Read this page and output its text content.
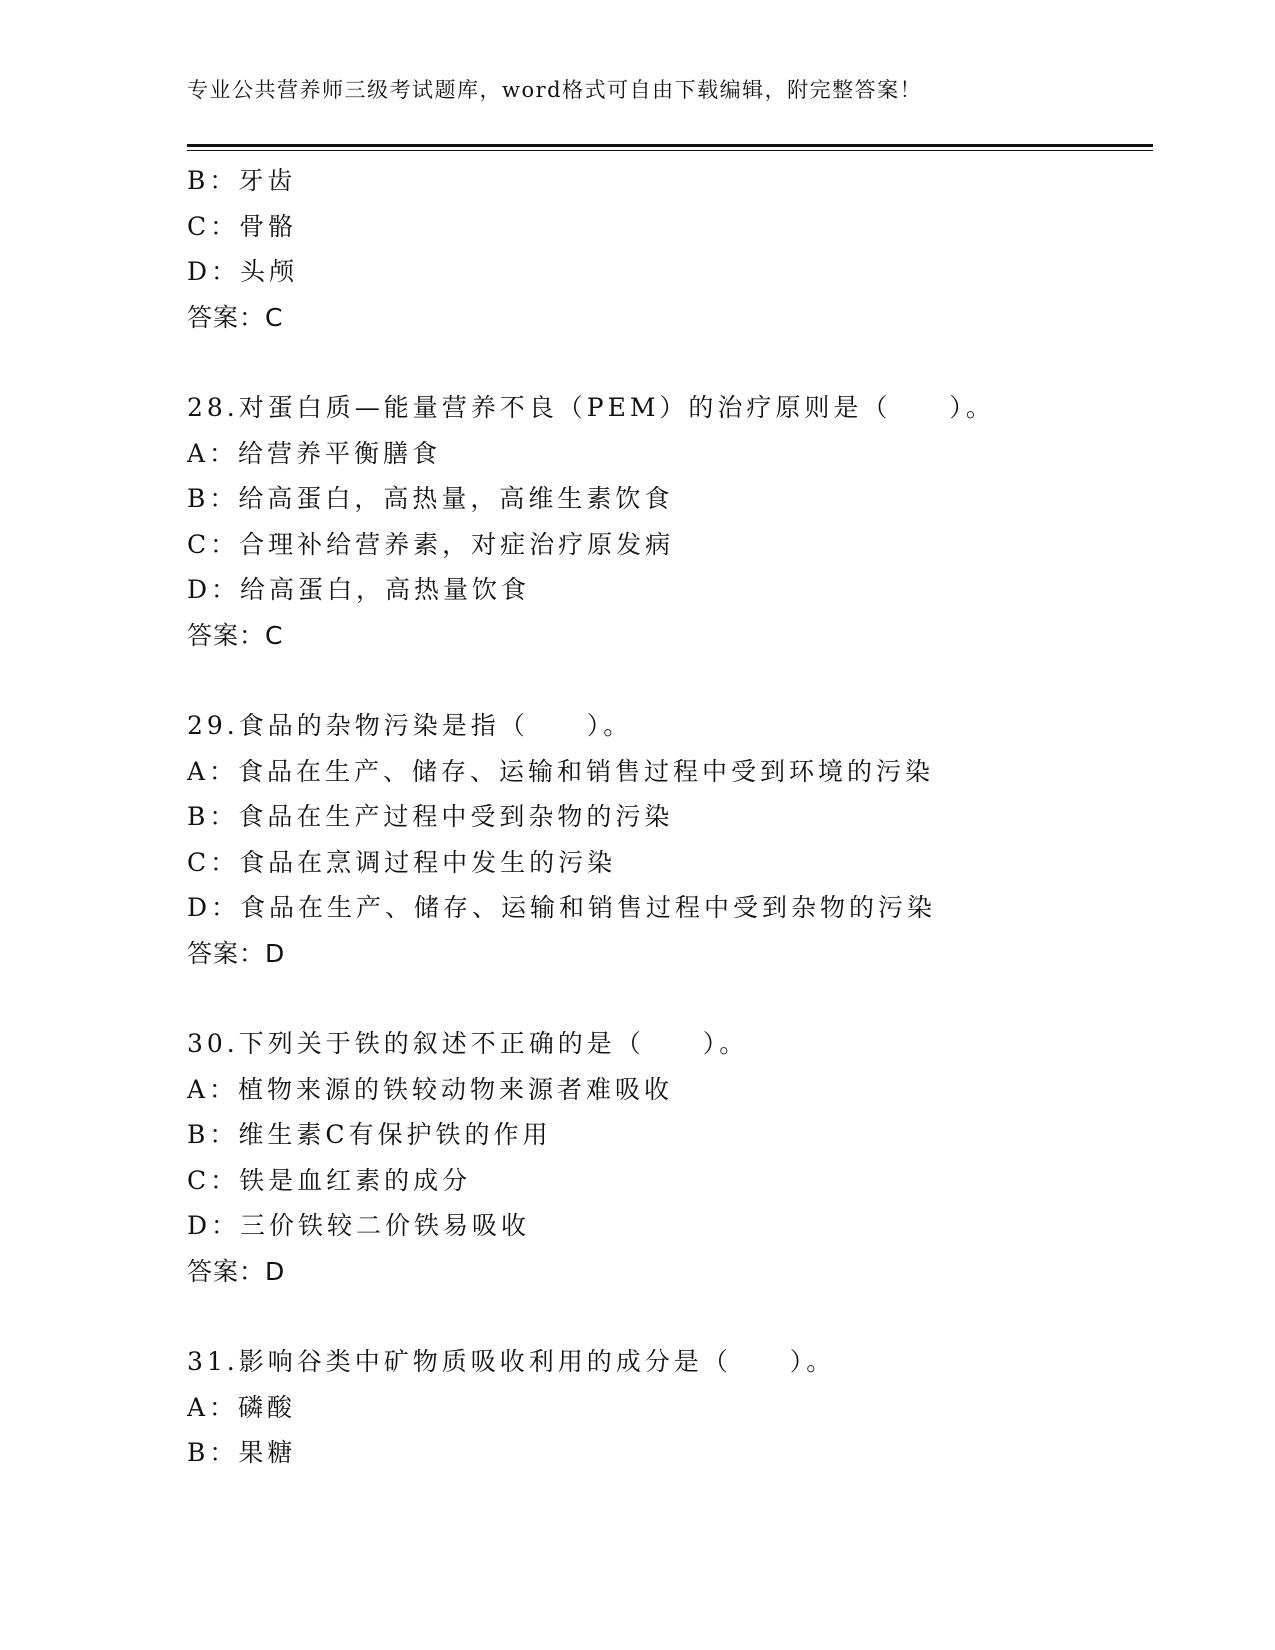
专业公共营养师三级考试题库，word格式可自由下载编辑，附完整答案！
B：牙齿
C：骨骼
D：头颅
答案：C
28.对蛋白质—能量营养不良（PEM）的治疗原则是（　　）。
A：给营养平衡膳食
B：给高蛋白，高热量，高维生素饮食
C：合理补给营养素，对症治疗原发病
D：给高蛋白，高热量饮食
答案：C
29.食品的杂物污染是指（　　）。
A：食品在生产、储存、运输和销售过程中受到环境的污染
B：食品在生产过程中受到杂物的污染
C：食品在烹调过程中发生的污染
D：食品在生产、储存、运输和销售过程中受到杂物的污染
答案：D
30.下列关于铁的叙述不正确的是（　　）。
A：植物来源的铁较动物来源者难吸收
B：维生素C有保护铁的作用
C：铁是血红素的成分
D：三价铁较二价铁易吸收
答案：D
31.影响谷类中矿物质吸收利用的成分是（　　）。
A：磷酸
B：果糖
